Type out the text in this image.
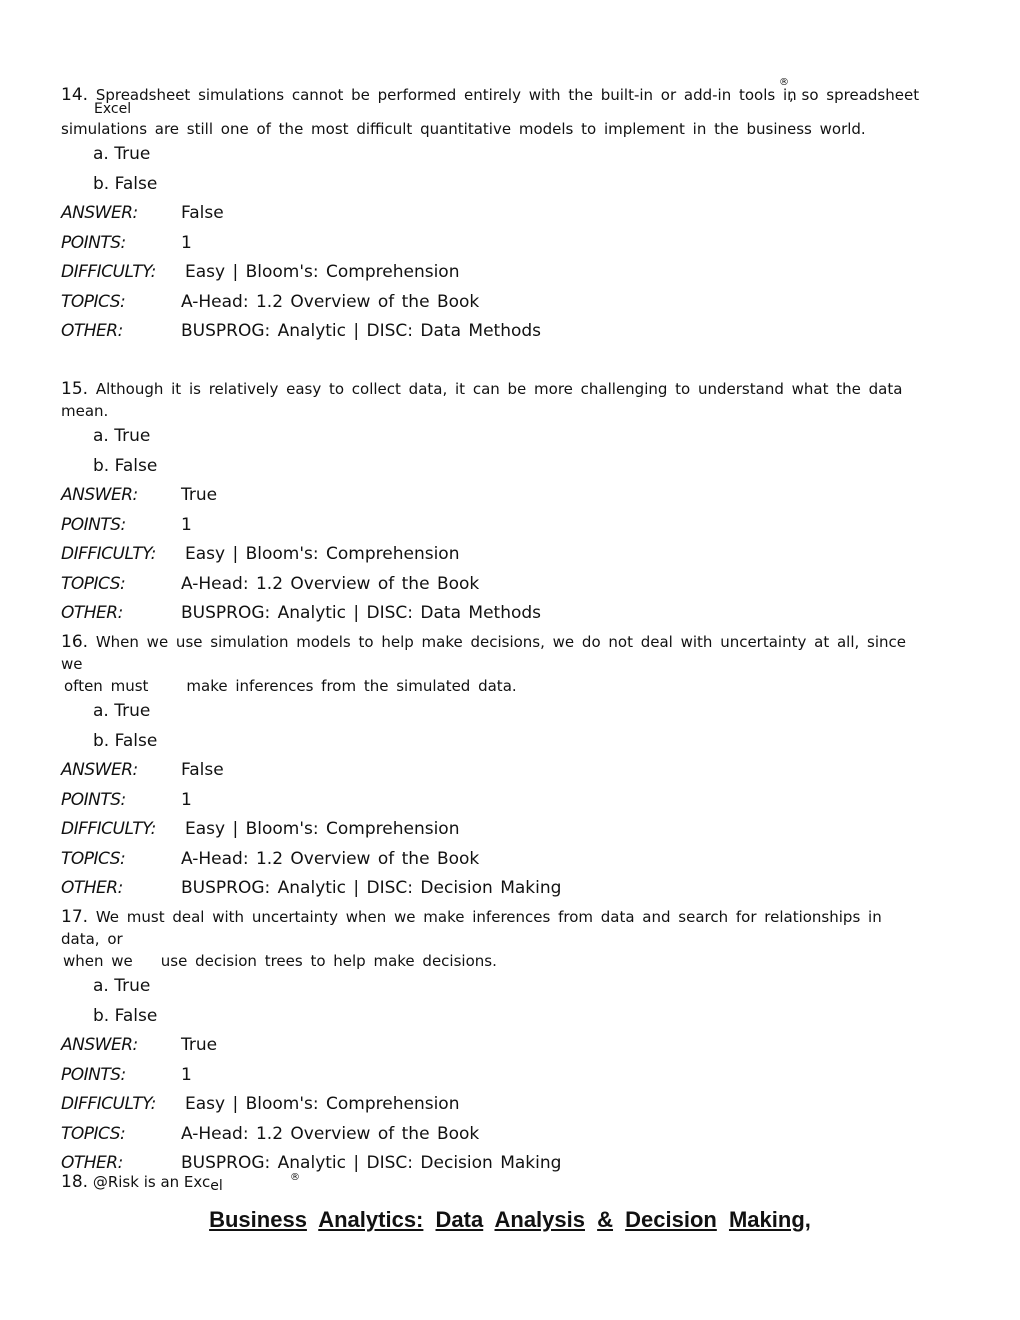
14. Spreadsheet simulations cannot be performed entirely with the built-in or add-in tools in
Excel
®
, so spreadsheet
simulations are still one of the most difficult quantitative models to implement in the business world.
a. True
b. False
ANSWER:	False
POINTS:	1
DIFFICULTY:	Easy | Bloom's: Comprehension
TOPICS:	A-Head: 1.2 Overview of the Book
OTHER:	BUSPROG: Analytic | DISC: Data Methods
15. Although it is relatively easy to collect data, it can be more challenging to understand what the data mean.
a. True
b. False
ANSWER:	True
POINTS:	1
DIFFICULTY:	Easy | Bloom's: Comprehension
TOPICS:	A-Head: 1.2 Overview of the Book
OTHER:	BUSPROG: Analytic | DISC: Data Methods
16. When we use simulation models to help make decisions, we do not deal with uncertainty at all, since we
often must	make inferences from the simulated data.
a. True
b. False
ANSWER:	False
POINTS:	1
DIFFICULTY:	Easy | Bloom's: Comprehension
TOPICS:	A-Head: 1.2 Overview of the Book
OTHER:	BUSPROG: Analytic | DISC: Decision Making
17. We must deal with uncertainty when we make inferences from data and search for relationships in data, or
when we use decision trees to help make decisions.
a. True
b. False
ANSWER:	True
POINTS:	1
DIFFICULTY:	Easy | Bloom's: Comprehension
TOPICS:	A-Head: 1.2 Overview of the Book
OTHER:	BUSPROG: Analytic | DISC: Decision Making
18. @Risk is an Excel
®
Business Analytics: Data Analysis & Decision Making,
